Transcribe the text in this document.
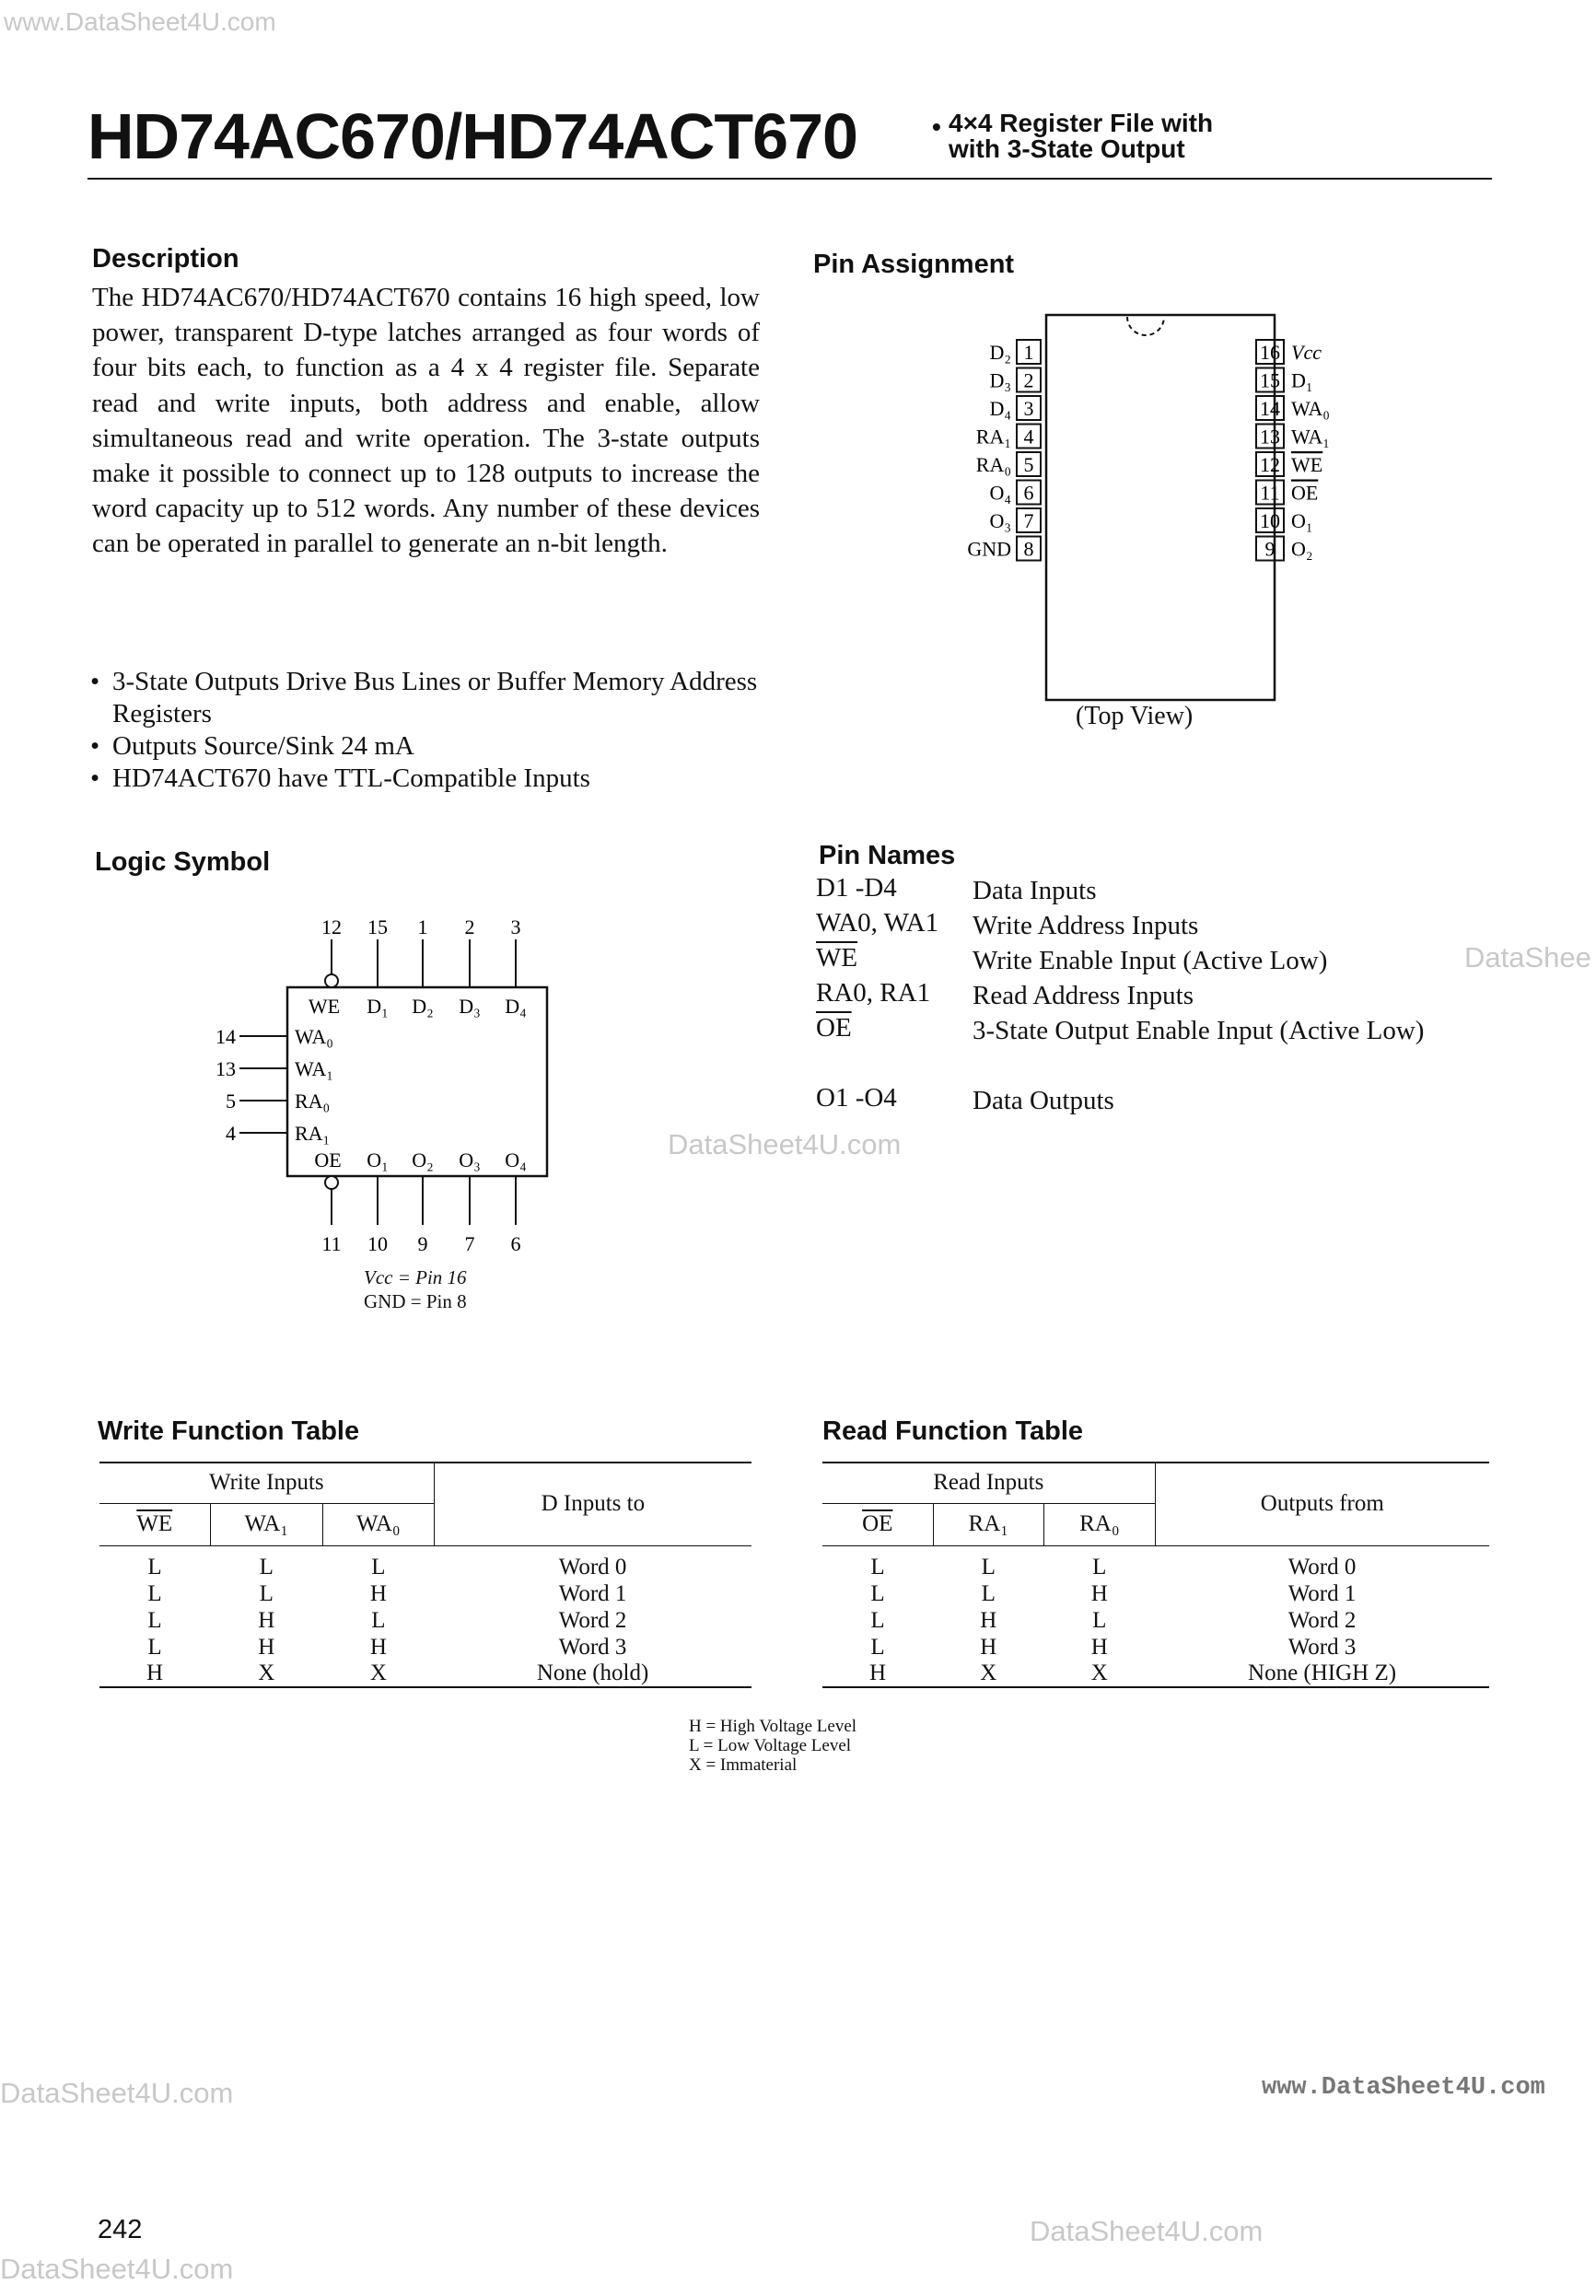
www.DataSheet4U.com
DataShee
DataSheet4U.com
DataSheet4U.com	www.DataSheet4U.com
DataSheet4U.com
DataSheet4U.com
HD74AC670/HD74ACT670	• 4×4 Register File with
with 3-State Output
Description
The HD74AC670/HD74ACT670 contains 16 high speed, low power, transparent D-type latches arranged as four words of four bits each, to function as a 4 x 4 register file. Separate read and write inputs, both address and enable, allow simultaneous read and write operation. The 3-state outputs make it possible to connect up to 128 outputs to increase the word capacity up to 512 words. Any number of these devices can be operated in parallel to generate an n-bit length.
• 3-State Outputs Drive Bus Lines or Buffer Memory Address Registers
• Outputs Source/Sink 24 mA
• HD74ACT670 have TTL-Compatible Inputs
Pin Assignment
1
D₂
2
D₃
3
D₄
4
RA₁
5
RA₀
6
O₄
7
O₃
8
GND
16 Vcc
15 D₁
14 WA₀
13 WA₁
12 WE
11 OE
10 O₁
9 O₂
(Top View)
Logic Symbol
12
WE
15
D₁
1
D₂
2
D₃
3
D₄
14	WA₀
13	WA₁
5	RA₀
4	RA₁
OE
11
O₁
10
O₂
9
O₃
7
O₄
6
Vcc = Pin 16
GND = Pin 8
Pin Names
D1 -D4	Data Inputs
WA0, WA1	Write Address Inputs
$\overline{WE}$	Write Enable Input (Active Low)
RA0, RA1	Read Address Inputs
$\overline{OE}$	3-State Output Enable Input (Active Low)
O1 -O4	Data Outputs
Write Function Table
Write Inputs			D Inputs to
$\overline{WE}$	WA₁	WA₀	
L	L	L	Word 0
L	L	H	Word 1
L	H	L	Word 2
L	H	H	Word 3
H	X	X	None (hold)
Read Function Table
Read Inputs			Outputs from
$\overline{OE}$	RA₁	RA₀	
L	L	L	Word 0
L	L	H	Word 1
L	H	L	Word 2
L	H	H	Word 3
H	X	X	None (HIGH Z)
H = High Voltage Level
L = Low Voltage Level
X = Immaterial
242
